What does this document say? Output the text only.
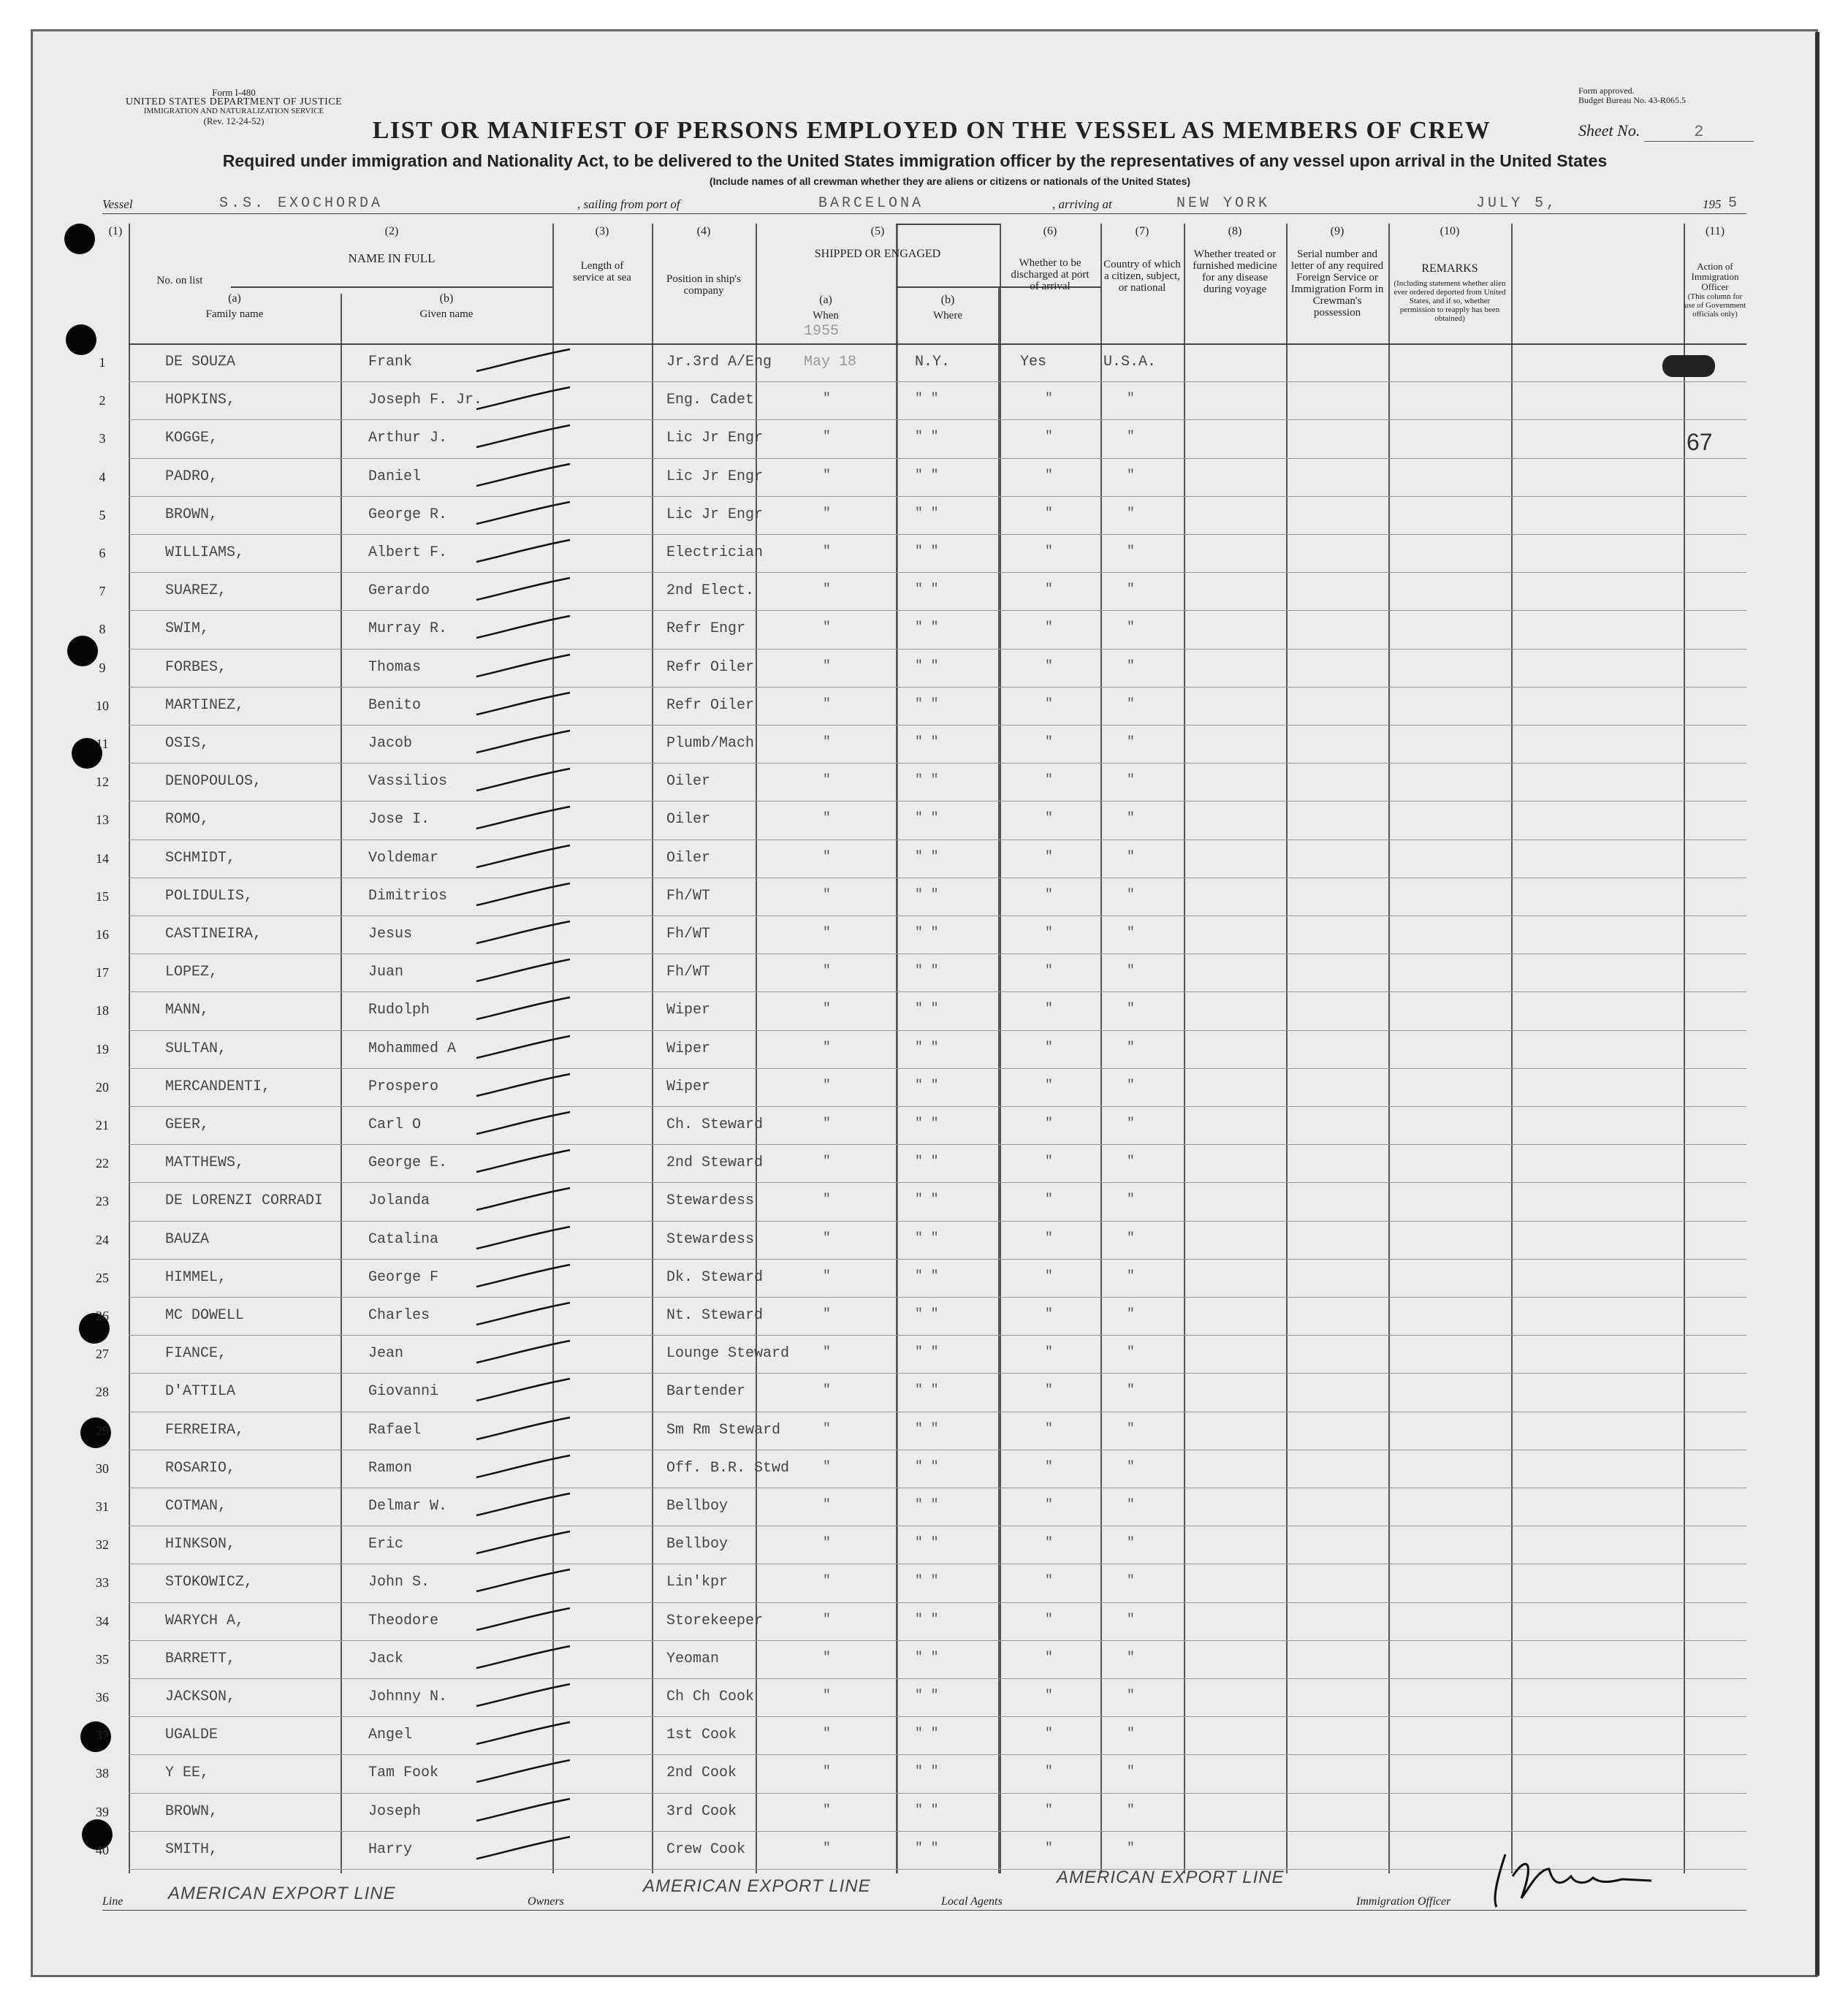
Form I-480
UNITED STATES DEPARTMENT OF JUSTICE
IMMIGRATION AND NATURALIZATION SERVICE
(Rev. 12-24-52)
Form approved.
Budget Bureau No. 43-R065.5
LIST OR MANIFEST OF PERSONS EMPLOYED ON THE VESSEL AS MEMBERS OF CREW	Sheet No.	2
Required under immigration and Nationality Act, to be delivered to the United States immigration officer by the representatives of any vessel upon arrival in the United States
(Include names of all crewman whether they are aliens or citizens or nationals of the United States)
Vessel	S.S. EXOCHORDA	, sailing from port of	BARCELONA	, arriving at	NEW YORK	JULY 5,	195 5
(1)
No. on list
(2)
NAME IN FULL
(a)
Family name
(b)
Given name
(3)
Length of service at sea
(4)
Position in ship's company
(5)
SHIPPED OR ENGAGED
(a)
When
(b)
Where
(6)
Whether to be discharged at port of arrival
(7)
Country of which a citizen, subject, or national
(8)
Whether treated or furnished medicine for any disease during voyage
(9)
Serial number and letter of any required Foreign Service or Immigration Form in Crewman's possession
(10)
REMARKS
(Including statement whether alien ever ordered deported from United States, and if so, whether permission to reapply has been obtained)
(11)
Action of Immigration Officer
(This column for use of Government officials only)
1955
1	DE SOUZA	Frank	Jr.3rd A/Eng May 18	N.Y.	Yes	U.S.A.
2	HOPKINS,	Joseph F. Jr.	Eng. Cadet	"	" "	"	"
3	KOGGE,	Arthur J.	Lic Jr Engr	"	" "	"	"
4	PADRO,	Daniel	Lic Jr Engr	"	" "	"	"
5	BROWN,	George R.	Lic Jr Engr	"	" "	"	"
6	WILLIAMS,	Albert F.	Electrician	"	" "	"	"
7	SUAREZ,	Gerardo	2nd Elect.	"	" "	"	"
8	SWIM,	Murray R.	Refr Engr	"	" "	"	"
9	FORBES,	Thomas	Refr Oiler	"	" "	"	"
10	MARTINEZ,	Benito	Refr Oiler	"	" "	"	"
11	OSIS,	Jacob	Plumb/Mach	"	" "	"	"
12	DENOPOULOS,	Vassilios	Oiler	"	" "	"	"
13	ROMO,	Jose I.	Oiler	"	" "	"	"
14	SCHMIDT,	Voldemar	Oiler	"	" "	"	"
15	POLIDULIS,	Dimitrios	Fh/WT	"	" "	"	"
16	CASTINEIRA,	Jesus	Fh/WT	"	" "	"	"
17	LOPEZ,	Juan	Fh/WT	"	" "	"	"
18	MANN,	Rudolph	Wiper	"	" "	"	"
19	SULTAN,	Mohammed A	Wiper	"	" "	"	"
20	MERCANDENTI,	Prospero	Wiper	"	" "	"	"
21	GEER,	Carl O	Ch. Steward	"	" "	"	"
22	MATTHEWS,	George E.	2nd Steward	"	" "	"	"
23	DE LORENZI CORRADI	Jolanda	Stewardess	"	" "	"	"
24	BAUZA	Catalina	Stewardess	"	" "	"	"
25	HIMMEL,	George F	Dk. Steward	"	" "	"	"
26	MC DOWELL	Charles	Nt. Steward	"	" "	"	"
27	FIANCE,	Jean	Lounge Steward	"	" "	"	"
28	D'ATTILA	Giovanni	Bartender	"	" "	"	"
29	FERREIRA,	Rafael	Sm Rm Steward	"	" "	"	"
30	ROSARIO,	Ramon	Off. B.R. Stwd	"	" "	"	"
31	COTMAN,	Delmar W.	Bellboy	"	" "	"	"
32	HINKSON,	Eric	Bellboy	"	" "	"	"
33	STOKOWICZ,	John S.	Lin'kpr	"	" "	"	"
34	WARYCH A,	Theodore	Storekeeper	"	" "	"	"
35	BARRETT,	Jack	Yeoman	"	" "	"	"
36	JACKSON,	Johnny N.	Ch Ch Cook	"	" "	"	"
37	UGALDE	Angel	1st Cook	"	" "	"	"
38	Y EE,	Tam Fook	2nd Cook	"	" "	"	"
39	BROWN,	Joseph	3rd Cook	"	" "	"	"
40	SMITH,	Harry	Crew Cook	"	" "	"	"
67
Line	AMERICAN EXPORT LINE	Owners
AMERICAN EXPORT LINE
Local Agents
AMERICAN EXPORT LINE
Immigration Officer
